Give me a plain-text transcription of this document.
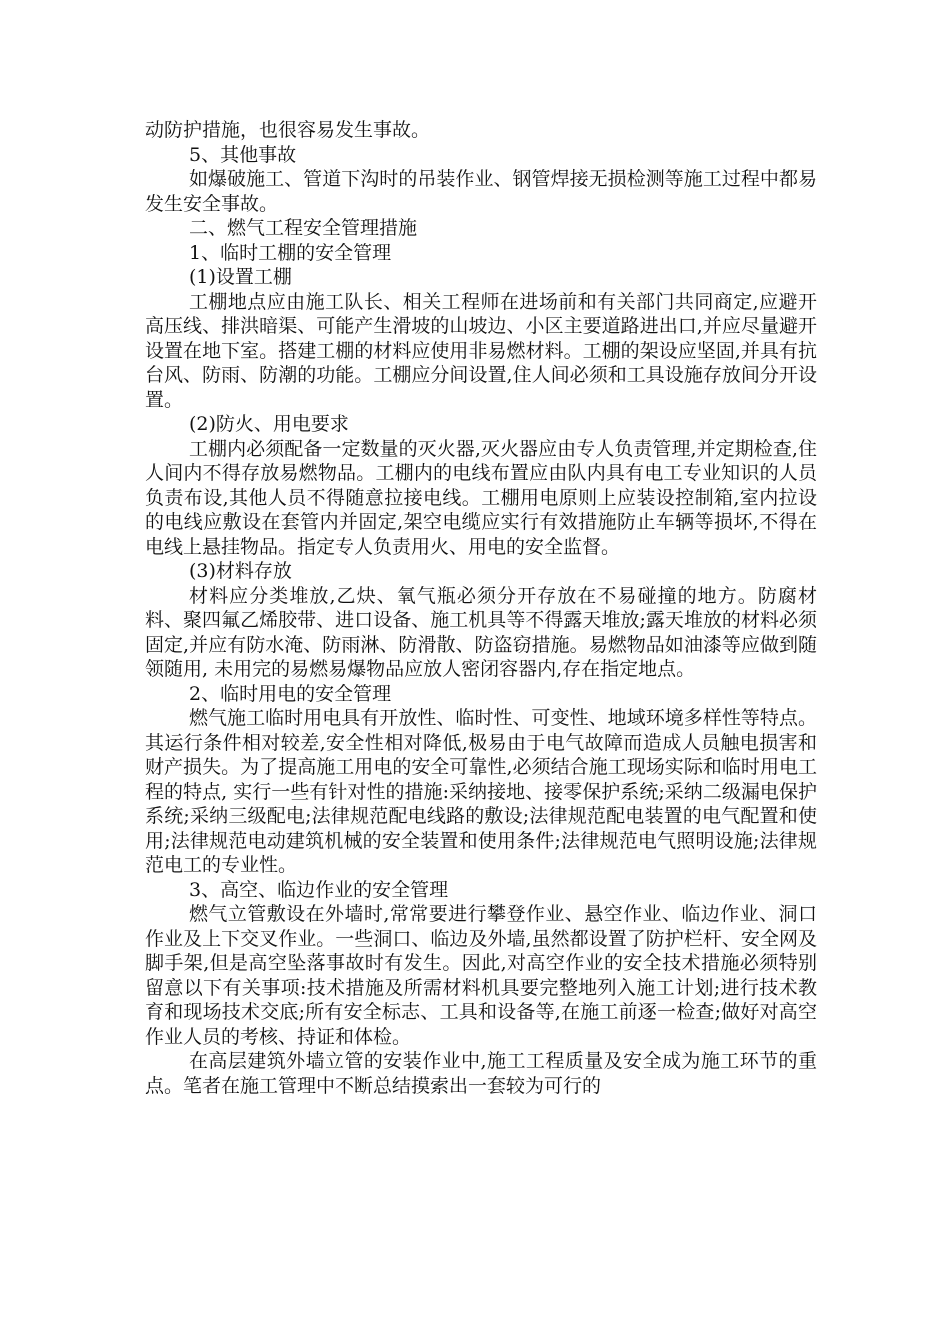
动防护措施，也很容易发生事故。

5、其他事故

如爆破施工、管道下沟时的吊装作业、钢管焊接无损检测等施工过程中都易发生安全事故。

二、燃气工程安全管理措施

1、临时工棚的安全管理

(1)设置工棚

工棚地点应由施工队长、相关工程师在进场前和有关部门共同商定,应避开高压线、排洪暗渠、可能产生滑坡的山坡边、小区主要道路进出口,并应尽量避开设置在地下室。搭建工棚的材料应使用非易燃材料。工棚的架设应坚固,并具有抗台风、防雨、防潮的功能。工棚应分间设置,住人间必须和工具设施存放间分开设置。

(2)防火、用电要求

工棚内必须配备一定数量的灭火器,灭火器应由专人负责管理,并定期检查,住人间内不得存放易燃物品。工棚内的电线布置应由队内具有电工专业知识的人员负责布设,其他人员不得随意拉接电线。工棚用电原则上应装设控制箱,室内拉设的电线应敷设在套管内并固定,架空电缆应实行有效措施防止车辆等损坏,不得在电线上悬挂物品。指定专人负责用火、用电的安全监督。

(3)材料存放

材料应分类堆放,乙炔、氧气瓶必须分开存放在不易碰撞的地方。防腐材料、聚四氟乙烯胶带、进口设备、施工机具等不得露天堆放;露天堆放的材料必须固定,并应有防水淹、防雨淋、防滑散、防盗窃措施。易燃物品如油漆等应做到随领随用, 未用完的易燃易爆物品应放人密闭容器内,存在指定地点。

2、临时用电的安全管理

燃气施工临时用电具有开放性、临时性、可变性、地域环境多样性等特点。其运行条件相对较差,安全性相对降低,极易由于电气故障而造成人员触电损害和财产损失。为了提高施工用电的安全可靠性,必须结合施工现场实际和临时用电工程的特点, 实行一些有针对性的措施:采纳接地、接零保护系统;采纳二级漏电保护系统;采纳三级配电;法律规范配电线路的敷设;法律规范配电装置的电气配置和使用;法律规范电动建筑机械的安全装置和使用条件;法律规范电气照明设施;法律规范电工的专业性。

3、高空、临边作业的安全管理

燃气立管敷设在外墙时,常常要进行攀登作业、悬空作业、临边作业、洞口作业及上下交叉作业。一些洞口、临边及外墙,虽然都设置了防护栏杆、安全网及脚手架,但是高空坠落事故时有发生。因此,对高空作业的安全技术措施必须特别留意以下有关事项:技术措施及所需材料机具要完整地列入施工计划;进行技术教育和现场技术交底;所有安全标志、工具和设备等,在施工前逐一检查;做好对高空作业人员的考核、持证和体检。

在高层建筑外墙立管的安装作业中,施工工程质量及安全成为施工环节的重点。笔者在施工管理中不断总结摸索出一套较为可行的
